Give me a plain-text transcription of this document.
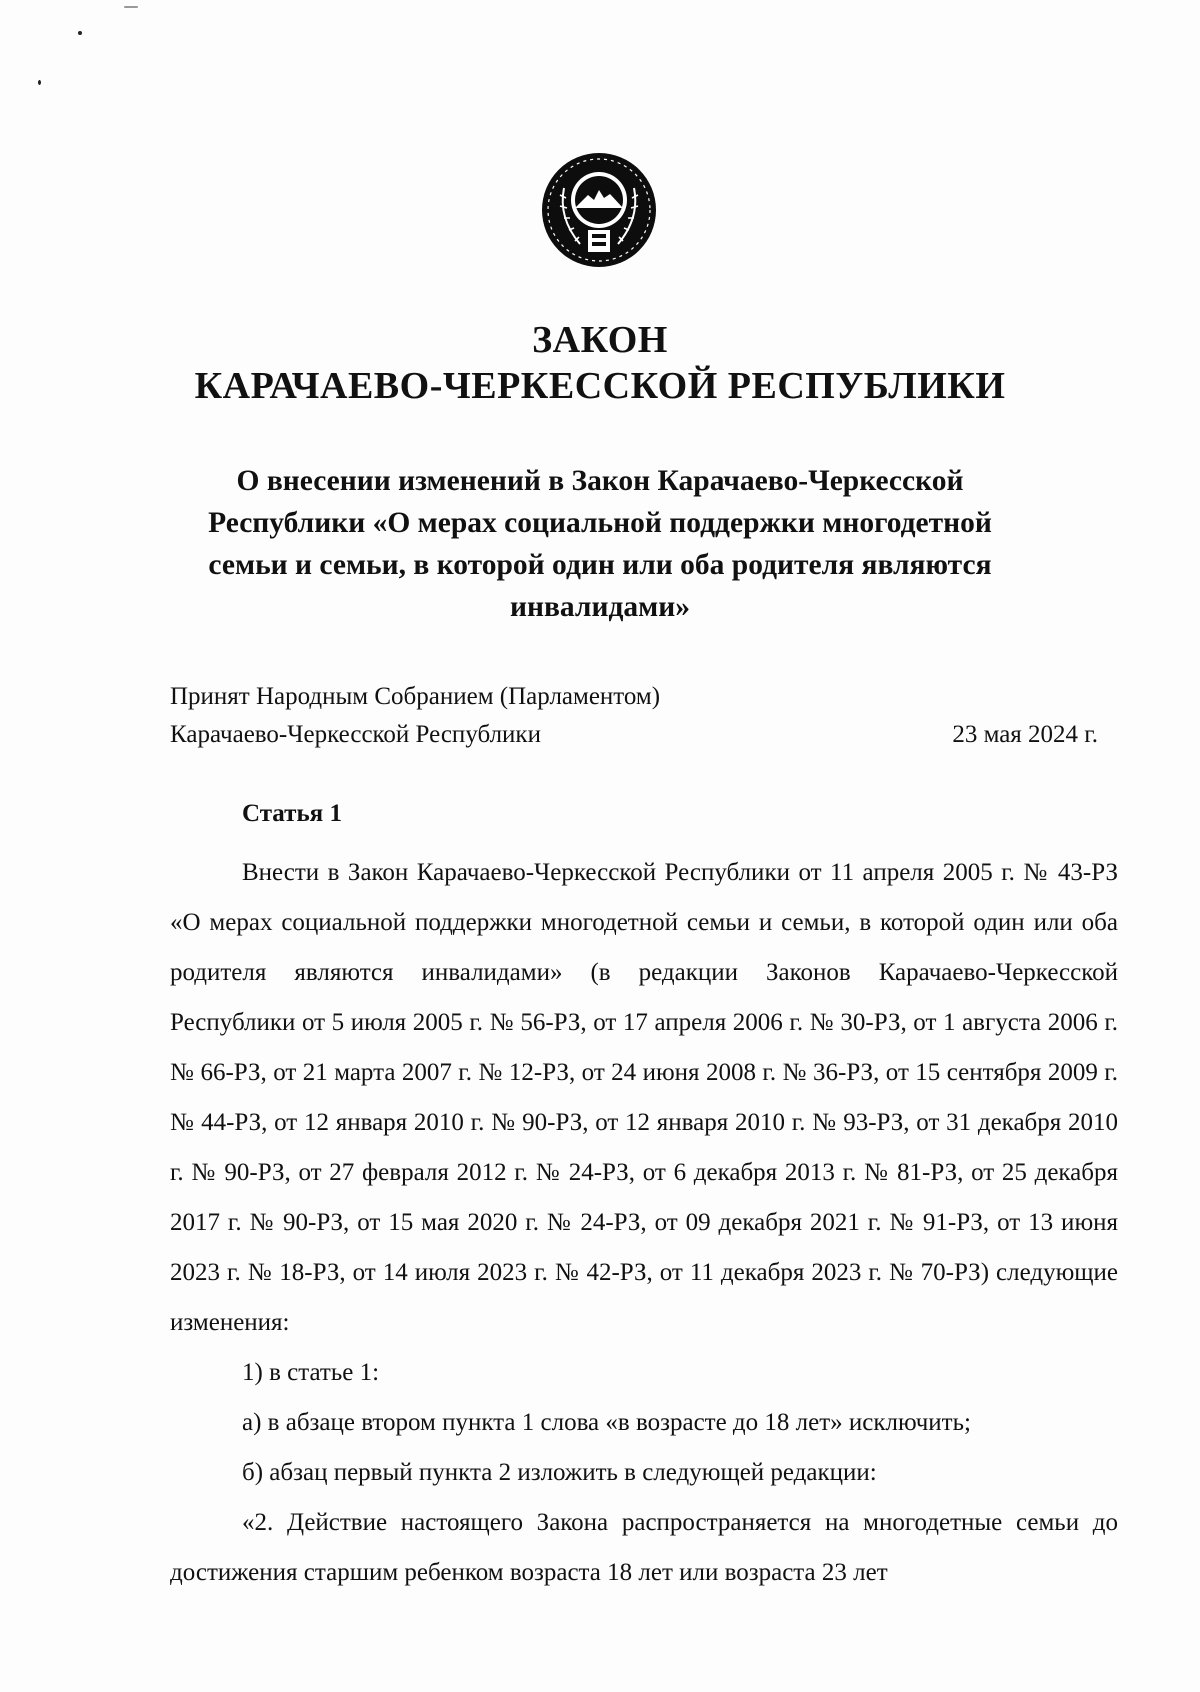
ЗАКОН
КАРАЧАЕВО-ЧЕРКЕССКОЙ РЕСПУБЛИКИ

О внесении изменений в Закон Карачаево-Черкесской Республики «О мерах социальной поддержки многодетной семьи и семьи, в которой один или оба родителя являются инвалидами»

Принят Народным Собранием (Парламентом)
Карачаево-Черкесской Республики	23 мая 2024 г.
Статья 1

Внести в Закон Карачаево-Черкесской Республики от 11 апреля 2005 г. № 43-РЗ «О мерах социальной поддержки многодетной семьи и семьи, в которой один или оба родителя являются инвалидами» (в редакции Законов Карачаево-Черкесской Республики от 5 июля 2005 г. № 56-РЗ, от 17 апреля 2006 г. № 30-РЗ, от 1 августа 2006 г. № 66-РЗ, от 21 марта 2007 г. № 12-РЗ, от 24 июня 2008 г. № 36-РЗ, от 15 сентября 2009 г. № 44-РЗ, от 12 января 2010 г. № 90-РЗ, от 12 января 2010 г. № 93-РЗ, от 31 декабря 2010 г. № 90-РЗ, от 27 февраля 2012 г. № 24-РЗ, от 6 декабря 2013 г. № 81-РЗ, от 25 декабря 2017 г. № 90-РЗ, от 15 мая 2020 г. № 24-РЗ, от 09 декабря 2021 г. № 91-РЗ, от 13 июня 2023 г. № 18-РЗ, от 14 июля 2023 г. № 42-РЗ, от 11 декабря 2023 г. № 70-РЗ) следующие изменения:

1) в статье 1:

а) в абзаце втором пункта 1 слова «в возрасте до 18 лет» исключить;

б) абзац первый пункта 2 изложить в следующей редакции:

«2. Действие настоящего Закона распространяется на многодетные семьи до достижения старшим ребенком возраста 18 лет или возраста 23 лет
